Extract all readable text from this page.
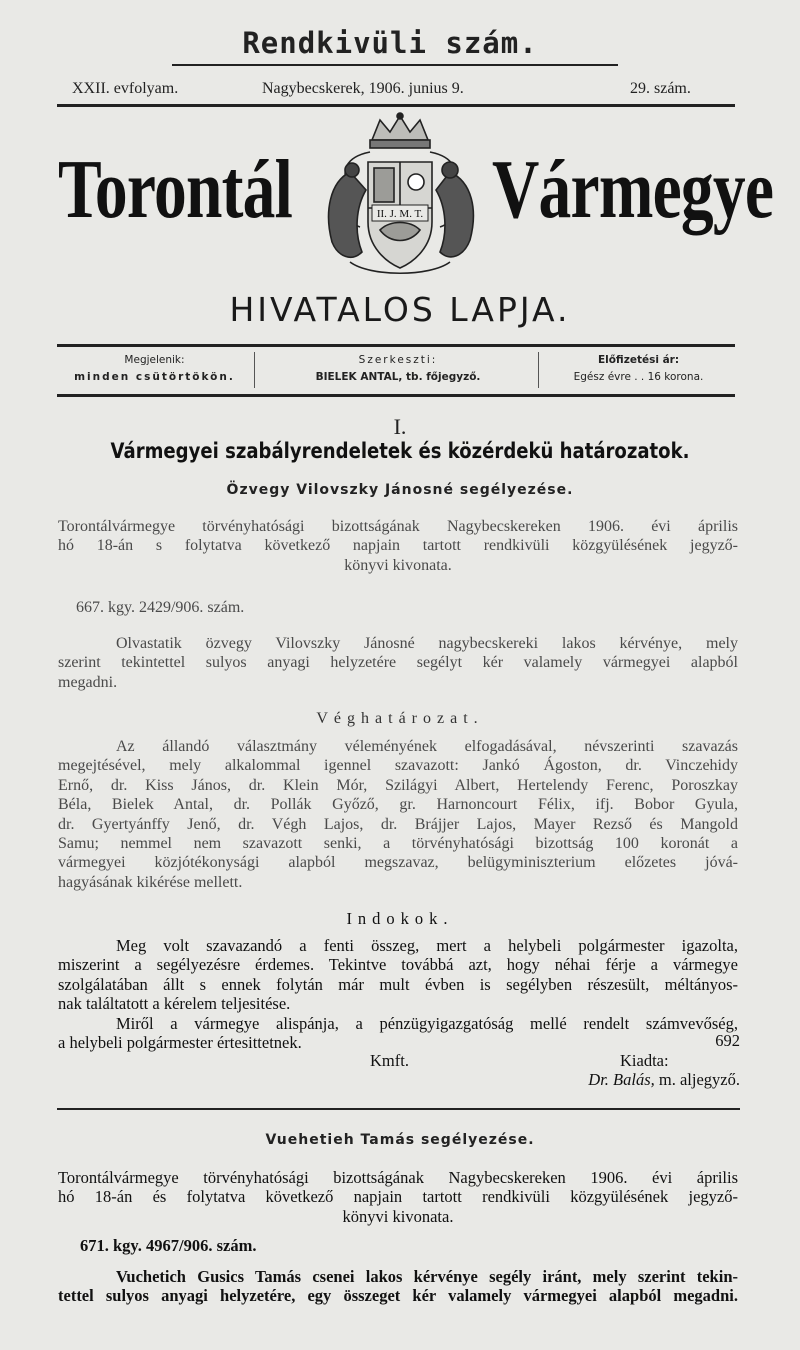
Rendkivüli szám.
XXII. evfolyam.	Nagybecskerek, 1906. junius 9.	29. szám.
Torontál Vármegye
II. J. M. T.
HIVATALOS LAPJA.
Megjelenik:
minden csütörtökön.
Szerkeszti:
BIELEK ANTAL, tb. főjegyző.
Előfizetési ár:
Egész évre . . 16 korona.
I.
Vármegyei szabályrendeletek és közérdekü határozatok.
Özvegy Vilovszky Jánosné segélyezése.
Torontálvármegye törvényhatósági bizottságának Nagybecskereken 1906. évi április
hó 18-án s folytatva következő napjain tartott rendkivüli közgyülésének jegyző-
könyvi kivonata.
667. kgy. 2429/906. szám.
Olvastatik özvegy Vilovszky Jánosné nagybecskereki lakos kérvénye, mely
szerint tekintettel sulyos anyagi helyzetére segélyt kér valamely vármegyei alapból
megadni.
Véghatározat.
Az állandó választmány véleményének elfogadásával, névszerinti szavazás
megejtésével, mely alkalommal igennel szavazott: Jankó Ágoston, dr. Vinczehidy
Ernő, dr. Kiss János, dr. Klein Mór, Szilágyi Albert, Hertelendy Ferenc, Poroszkay
Béla, Bielek Antal, dr. Pollák Győző, gr. Harnoncourt Félix, ifj. Bobor Gyula,
dr. Gyertyánffy Jenő, dr. Végh Lajos, dr. Brájjer Lajos, Mayer Rezső és Mangold
Samu; nemmel nem szavazott senki, a törvényhatósági bizottság 100 koronát a
vármegyei közjótékonysági alapból megszavaz, belügyminiszterium előzetes jóvá-
hagyásának kikérése mellett.
Indokok.
Meg volt szavazandó a fenti összeg, mert a helybeli polgármester igazolta,
miszerint a segélyezésre érdemes. Tekintve továbbá azt, hogy néhai férje a vármegye
szolgálatában állt s ennek folytán már mult évben is segélyben részesült, méltányos-
nak találtatott a kérelem teljesitése.
Miről a vármegye alispánja, a pénzügyigazgatóság mellé rendelt számvevőség,
a helybeli polgármester értesittetnek.	692
Kmft.	Kiadta:
Dr. Balás, m. aljegyző.
Vuehetieh Tamás segélyezése.
Torontálvármegye törvényhatósági bizottságának Nagybecskereken 1906. évi április
hó 18-án és folytatva következő napjain tartott rendkivüli közgyülésének jegyző-
könyvi kivonata.
671. kgy. 4967/906. szám.
Vuchetich Gusics Tamás csenei lakos kérvénye segély iránt, mely szerint tekin-
tettel sulyos anyagi helyzetére, egy összeget kér valamely vármegyei alapból megadni.
